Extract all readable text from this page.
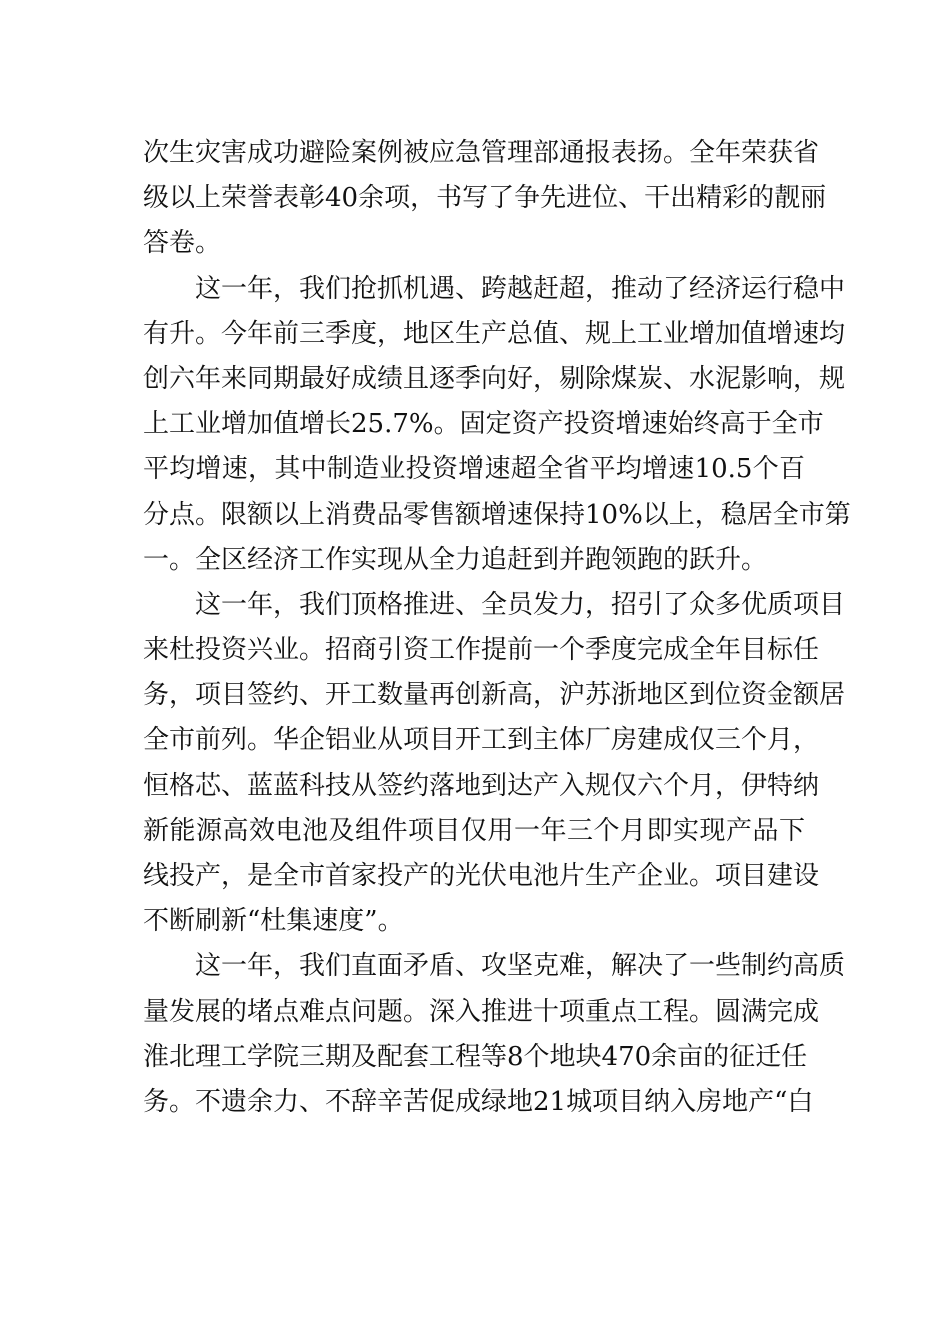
次生灾害成功避险案例被应急管理部通报表扬。全年荣获省
级以上荣誉表彰40余项，书写了争先进位、干出精彩的靓丽
答卷。
这一年，我们抢抓机遇、跨越赶超，推动了经济运行稳中
有升。今年前三季度，地区生产总值、规上工业增加值增速均
创六年来同期最好成绩且逐季向好，剔除煤炭、水泥影响，规
上工业增加值增长25.7%。固定资产投资增速始终高于全市
平均增速，其中制造业投资增速超全省平均增速10.5个百
分点。限额以上消费品零售额增速保持10%以上，稳居全市第
一。全区经济工作实现从全力追赶到并跑领跑的跃升。
这一年，我们顶格推进、全员发力，招引了众多优质项目
来杜投资兴业。招商引资工作提前一个季度完成全年目标任
务，项目签约、开工数量再创新高，沪苏浙地区到位资金额居
全市前列。华企铝业从项目开工到主体厂房建成仅三个月，
恒格芯、蓝蓝科技从签约落地到达产入规仅六个月，伊特纳
新能源高效电池及组件项目仅用一年三个月即实现产品下
线投产，是全市首家投产的光伏电池片生产企业。项目建设
不断刷新“杜集速度”。
这一年，我们直面矛盾、攻坚克难，解决了一些制约高质
量发展的堵点难点问题。深入推进十项重点工程。圆满完成
淮北理工学院三期及配套工程等8个地块470余亩的征迁任
务。不遗余力、不辞辛苦促成绿地21城项目纳入房地产“白
